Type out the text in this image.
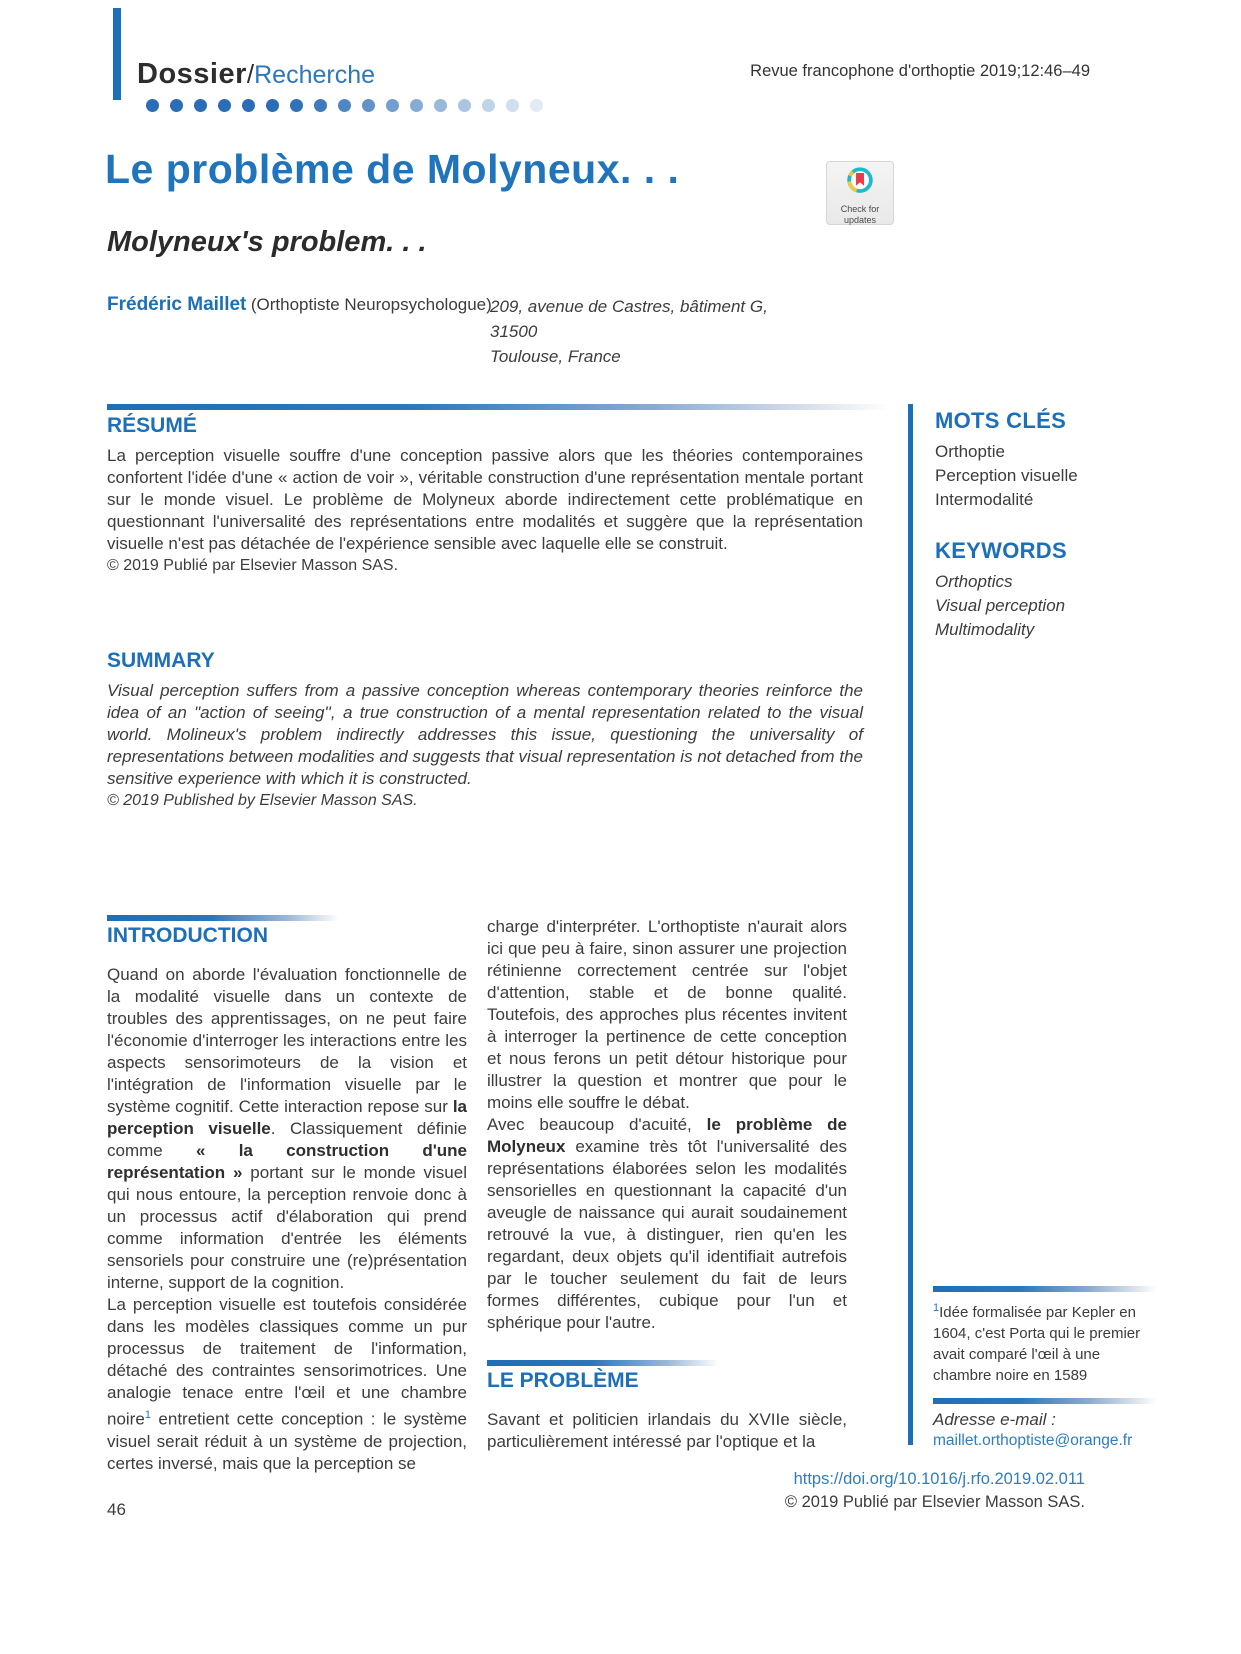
Dossier/Recherche	Revue francophone d'orthoptie 2019;12:46–49
Le problème de Molyneux. . .
Check for
updates
Molyneux's problem. . .
Frédéric Maillet (Orthoptiste Neuropsychologue)
209, avenue de Castres, bâtiment G, 31500
Toulouse, France
RÉSUMÉ

La perception visuelle souffre d'une conception passive alors que les théories contemporaines confortent l'idée d'une « action de voir », véritable construction d'une représentation mentale portant sur le monde visuel. Le problème de Molyneux aborde indirectement cette problématique en questionnant l'universalité des représentations entre modalités et suggère que la représentation visuelle n'est pas détachée de l'expérience sensible avec laquelle elle se construit.

© 2019 Publié par Elsevier Masson SAS.

MOTS CLÉS
Orthoptie
Perception visuelle
Intermodalité
KEYWORDS
Orthoptics
Visual perception
Multimodality
SUMMARY

Visual perception suffers from a passive conception whereas contemporary theories reinforce the idea of an "action of seeing'', a true construction of a mental representation related to the visual world. Molineux's problem indirectly addresses this issue, questioning the universality of representations between modalities and suggests that visual representation is not detached from the sensitive experience with which it is constructed.

© 2019 Published by Elsevier Masson SAS.

INTRODUCTION

Quand on aborde l'évaluation fonctionnelle de la modalité visuelle dans un contexte de troubles des apprentissages, on ne peut faire l'économie d'interroger les interactions entre les aspects sensorimoteurs de la vision et l'intégration de l'information visuelle par le système cognitif. Cette interaction repose sur la perception visuelle. Classiquement définie comme « la construction d'une représentation » portant sur le monde visuel qui nous entoure, la perception renvoie donc à un processus actif d'élaboration qui prend comme information d'entrée les éléments sensoriels pour construire une (re)présentation interne, support de la cognition.

La perception visuelle est toutefois considérée dans les modèles classiques comme un pur processus de traitement de l'information, détaché des contraintes sensorimotrices. Une analogie tenace entre l'œil et une chambre noire$^1$ entretient cette conception : le système visuel serait réduit à un système de projection, certes inversé, mais que la perception se

charge d'interpréter. L'orthoptiste n'aurait alors ici que peu à faire, sinon assurer une projection rétinienne correctement centrée sur l'objet d'attention, stable et de bonne qualité. Toutefois, des approches plus récentes invitent à interroger la pertinence de cette conception et nous ferons un petit détour historique pour illustrer la question et montrer que pour le moins elle souffre le débat.

Avec beaucoup d'acuité, le problème de Molyneux examine très tôt l'universalité des représentations élaborées selon les modalités sensorielles en questionnant la capacité d'un aveugle de naissance qui aurait soudainement retrouvé la vue, à distinguer, rien qu'en les regardant, deux objets qu'il identifiait autrefois par le toucher seulement du fait de leurs formes différentes, cubique pour l'un et sphérique pour l'autre.

LE PROBLÈME

Savant et politicien irlandais du XVIIe siècle, particulièrement intéressé par l'optique et la

$^1$Idée formalisée par Kepler en 1604, c'est Porta qui le premier avait comparé l'œil à une chambre noire en 1589
Adresse e-mail :
maillet.orthoptiste@orange.fr
https://doi.org/10.1016/j.rfo.2019.02.011
© 2019 Publié par Elsevier Masson SAS.
46
